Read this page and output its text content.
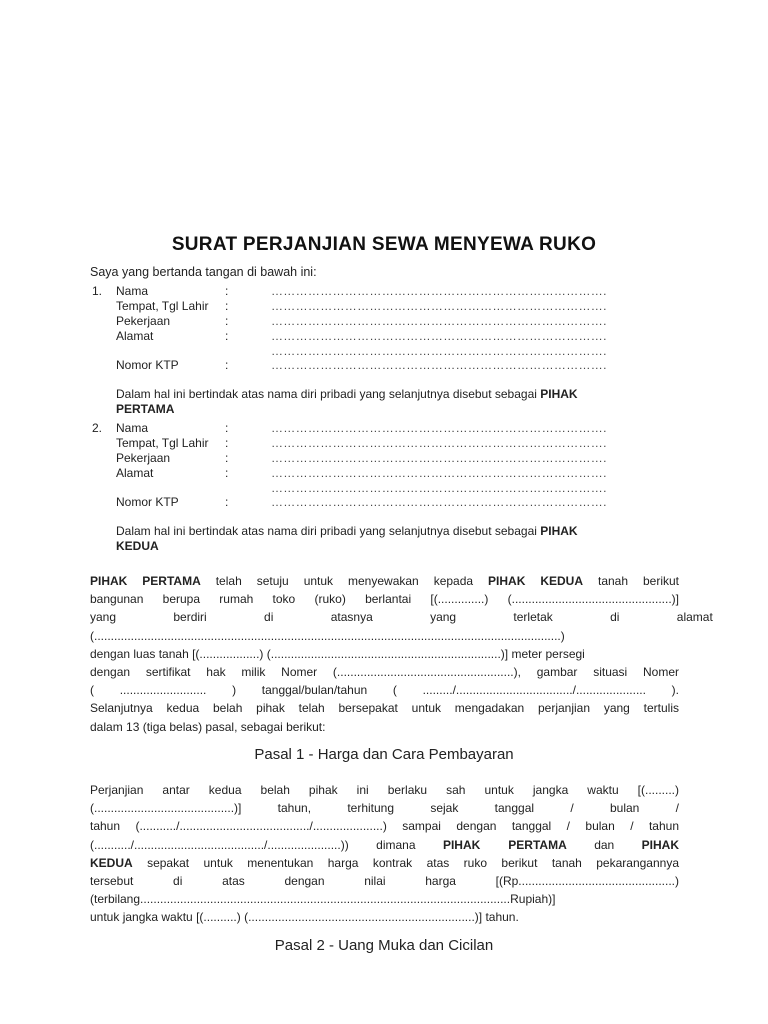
SURAT PERJANJIAN SEWA MENYEWA RUKO
Saya yang bertanda tangan di bawah ini:
1. Nama	:	……………………………………………………………………….
Tempat, Tgl Lahir :	……………………………………………………………………….
Pekerjaan	:	……………………………………………………………………….
Alamat	:	……………………………………………………………………….
……………………………………………………………………….
Nomor KTP	:	……………………………………………………………………….
Dalam hal ini bertindak atas nama diri pribadi yang selanjutnya disebut sebagai PIHAK
PERTAMA
2. Nama	:	……………………………………………………………………….
Tempat, Tgl Lahir :	……………………………………………………………………….
Pekerjaan	:	……………………………………………………………………….
Alamat	:	……………………………………………………………………….
……………………………………………………………………….
Nomor KTP	:	……………………………………………………………………….
Dalam hal ini bertindak atas nama diri pribadi yang selanjutnya disebut sebagai PIHAK
KEDUA
PIHAK PERTAMA telah setuju untuk menyewakan kepada PIHAK KEDUA tanah berikut
bangunan berupa rumah toko (ruko) berlantai [(..............) (................................................)]
yang berdiri di atasnya yang terletak di alamat
(............................................................................................................................................)
dengan luas tanah [(..................) (.....................................................................)] meter persegi
dengan sertifikat hak milik Nomer (.....................................................), gambar situasi Nomer
( .......................... ) tanggal/bulan/tahun ( ........./.................................../..................... ).
Selanjutnya kedua belah pihak telah bersepakat untuk mengadakan perjanjian yang tertulis
dalam 13 (tiga belas) pasal, sebagai berikut:
Pasal 1 - Harga dan Cara Pembayaran
Perjanjian antar kedua belah pihak ini berlaku sah untuk jangka waktu [(.........)
(..........................................)] tahun, terhitung sejak tanggal / bulan /
tahun (.........../......................................./.....................) sampai dengan tanggal / bulan / tahun
(.........../......................................./......................)) dimana PIHAK PERTAMA dan PIHAK
KEDUA sepakat untuk menentukan harga kontrak atas ruko berikut tanah pekarangannya
tersebut di atas dengan nilai harga [(Rp...............................................)
(terbilang...............................................................................................................Rupiah)]
untuk jangka waktu [(..........) (....................................................................)] tahun.
Pasal 2 - Uang Muka dan Cicilan
